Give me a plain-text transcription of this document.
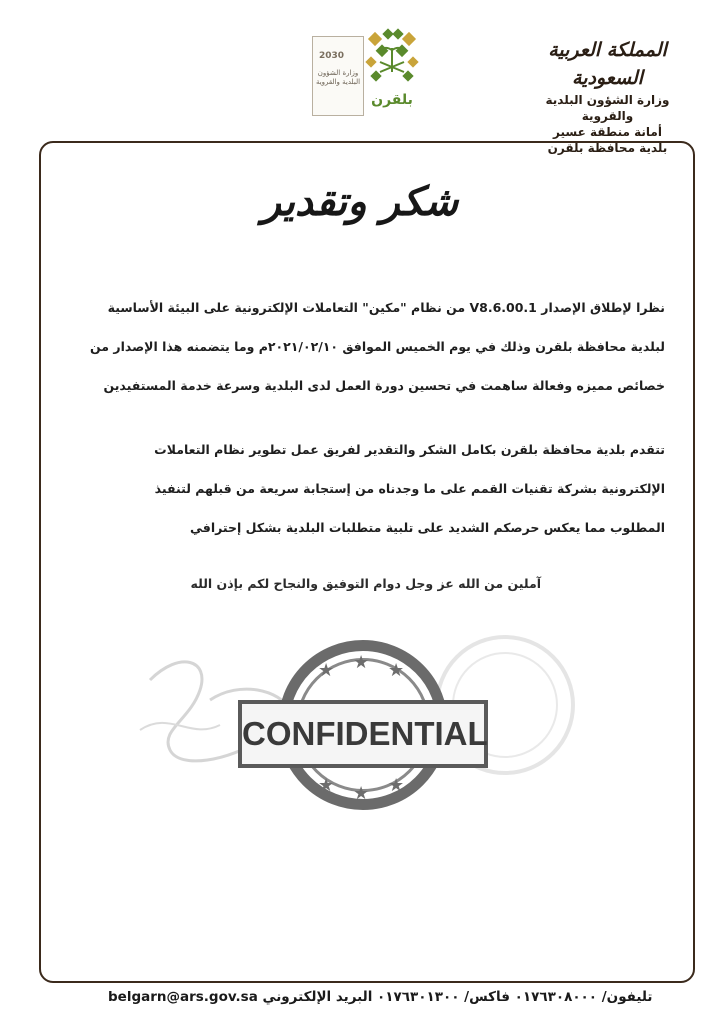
المملكة العربية السعودية
وزارة الشؤون البلدية والقروية
أمانة منطقة عسير
بلدية محافظة بلقرن
2030
وزارة الشؤون البلدية والقروية
بلقرن
شكر وتقدير
نظرا لإطلاق الإصدار V8.6.00.1 من نظام "مكين" التعاملات الإلكترونية على البيئة الأساسية
لبلدية محافظة بلقرن وذلك في يوم الخميس الموافق ٢٠٢١/٠٢/١٠م وما يتضمنه هذا الإصدار من
خصائص مميزه وفعالة ساهمت في تحسين دورة العمل لدى البلدية وسرعة خدمة المستفيدين
تتقدم بلدية محافظة بلقرن بكامل الشكر والتقدير لفريق عمل تطوير نظام التعاملات
الإلكترونية بشركة تقنيات القمم على ما وجدناه من إستجابة سريعة من قبلهم لتنفيذ
المطلوب مما يعكس حرصكم الشديد على تلبية متطلبات البلدية بشكل إحترافي
آملين من الله عز وجل دوام التوفيق والنجاح لكم بإذن الله
★ ★ ★
★ ★ ★
CONFIDENTIAL
تليفون/ ٠١٧٦٣٠٨٠٠٠ فاكس/ ٠١٧٦٣٠١٣٠٠ البريد الإلكتروني belgarn@ars.gov.sa
